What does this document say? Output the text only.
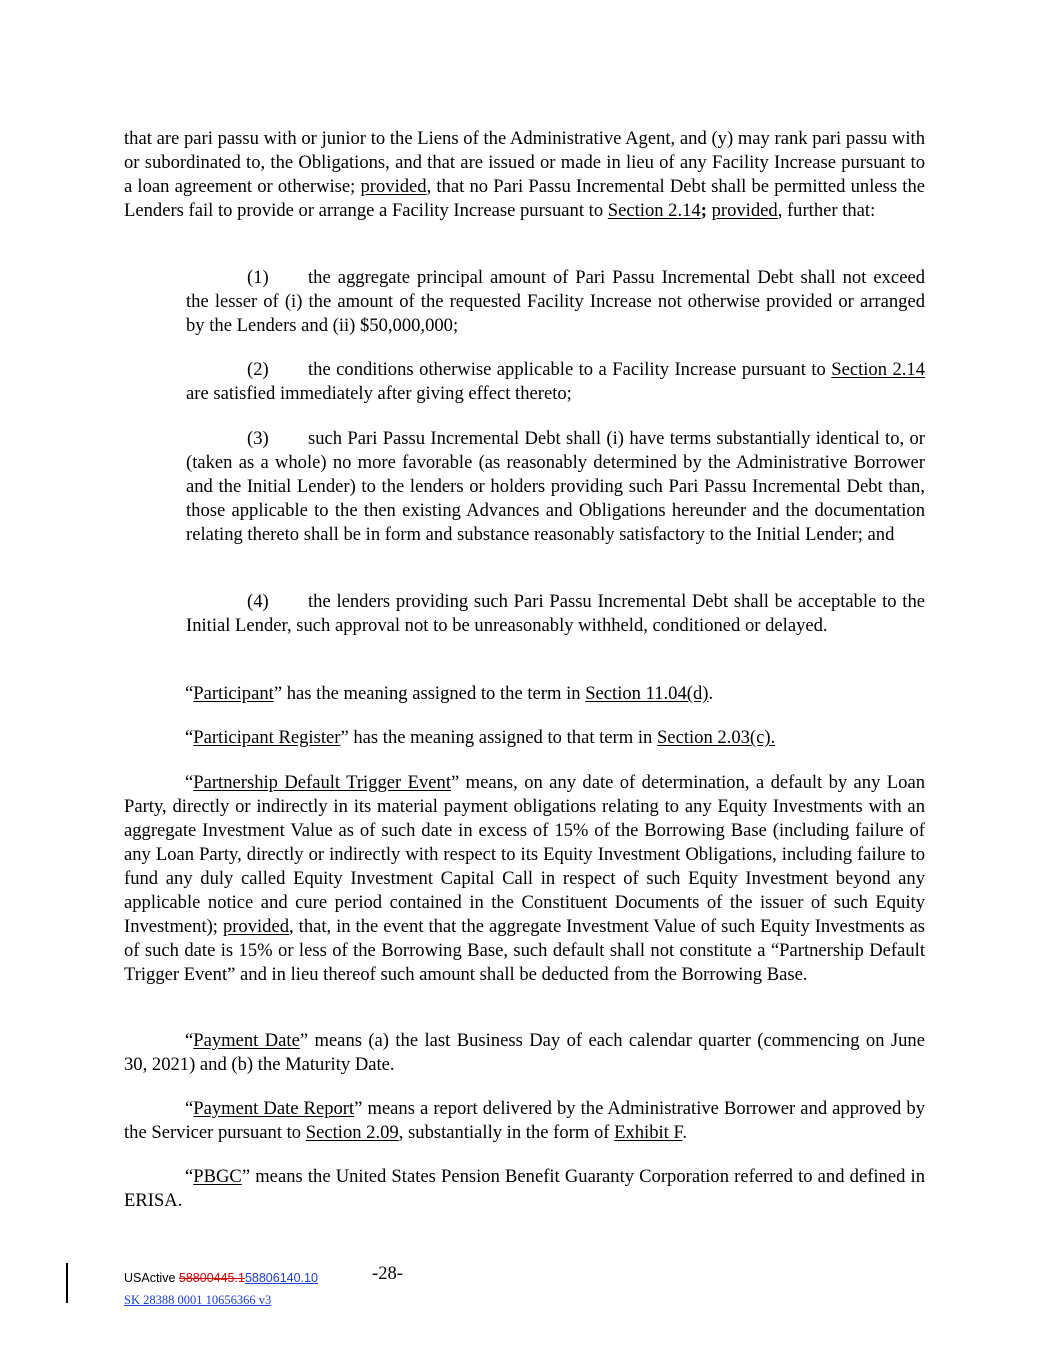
that are pari passu with or junior to the Liens of the Administrative Agent, and (y) may rank pari passu with or subordinated to, the Obligations, and that are issued or made in lieu of any Facility Increase pursuant to a loan agreement or otherwise; provided, that no Pari Passu Incremental Debt shall be permitted unless the Lenders fail to provide or arrange a Facility Increase pursuant to Section 2.14; provided, further that:

(1) the aggregate principal amount of Pari Passu Incremental Debt shall not exceed the lesser of (i) the amount of the requested Facility Increase not otherwise provided or arranged by the Lenders and (ii) $50,000,000;

(2) the conditions otherwise applicable to a Facility Increase pursuant to Section 2.14 are satisfied immediately after giving effect thereto;

(3) such Pari Passu Incremental Debt shall (i) have terms substantially identical to, or (taken as a whole) no more favorable (as reasonably determined by the Administrative Borrower and the Initial Lender) to the lenders or holders providing such Pari Passu Incremental Debt than, those applicable to the then existing Advances and Obligations hereunder and the documentation relating thereto shall be in form and substance reasonably satisfactory to the Initial Lender; and

(4) the lenders providing such Pari Passu Incremental Debt shall be acceptable to the Initial Lender, such approval not to be unreasonably withheld, conditioned or delayed.

“Participant” has the meaning assigned to the term in Section 11.04(d).

“Participant Register” has the meaning assigned to that term in Section 2.03(c).

“Partnership Default Trigger Event” means, on any date of determination, a default by any Loan Party, directly or indirectly in its material payment obligations relating to any Equity Investments with an aggregate Investment Value as of such date in excess of 15% of the Borrowing Base (including failure of any Loan Party, directly or indirectly with respect to its Equity Investment Obligations, including failure to fund any duly called Equity Investment Capital Call in respect of such Equity Investment beyond any applicable notice and cure period contained in the Constituent Documents of the issuer of such Equity Investment); provided, that, in the event that the aggregate Investment Value of such Equity Investments as of such date is 15% or less of the Borrowing Base, such default shall not constitute a “Partnership Default Trigger Event” and in lieu thereof such amount shall be deducted from the Borrowing Base.

“Payment Date” means (a) the last Business Day of each calendar quarter (commencing on June 30, 2021) and (b) the Maturity Date.

“Payment Date Report” means a report delivered by the Administrative Borrower and approved by the Servicer pursuant to Section 2.09, substantially in the form of Exhibit F.

“PBGC” means the United States Pension Benefit Guaranty Corporation referred to and defined in ERISA.

USActive 58800445.158806140.10	-28-
SK 28388 0001 10656366 v3
